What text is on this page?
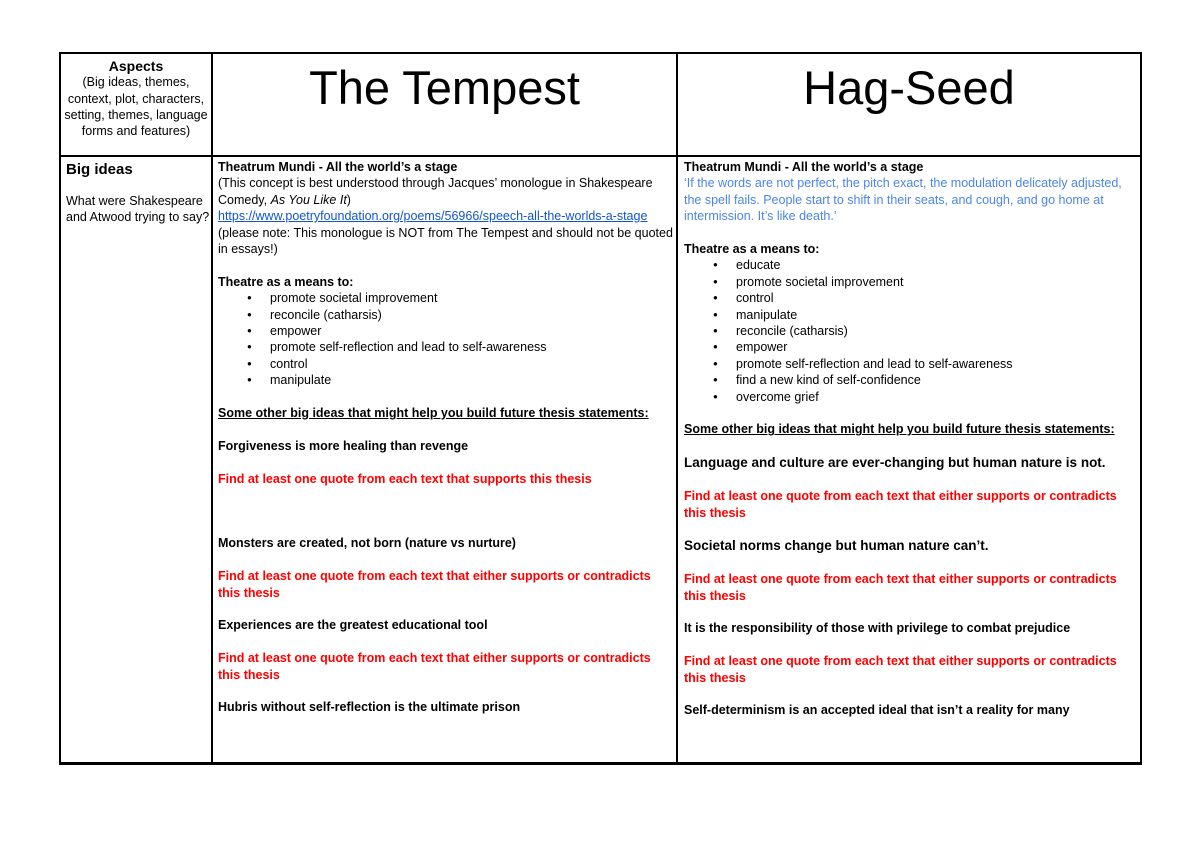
Aspects
(Big ideas, themes, context, plot, characters, setting, themes, language forms and features)
The Tempest	Hag-Seed
Big ideas
What were Shakespeare and Atwood trying to say?

Theatrum Mundi - All the world’s a stage

(This concept is best understood through Jacques’ monologue in Shakespeare Comedy, As You Like It)

https://www.poetryfoundation.org/poems/56966/speech-all-the-worlds-a-stage

(please note: This monologue is NOT from The Tempest and should not be quoted in essays!)

Theatre as a means to:

● promote societal improvement
● reconcile (catharsis)
● empower
● promote self-reflection and lead to self-awareness
● control
● manipulate

Some other big ideas that might help you build future thesis statements:

Forgiveness is more healing than revenge

Find at least one quote from each text that supports this thesis

Monsters are created, not born (nature vs nurture)

Find at least one quote from each text that either supports or contradicts this thesis

Experiences are the greatest educational tool

Find at least one quote from each text that either supports or contradicts this thesis

Hubris without self-reflection is the ultimate prison

Theatrum Mundi - All the world’s a stage

‘If the words are not perfect, the pitch exact, the modulation delicately adjusted, the spell fails. People start to shift in their seats, and cough, and go home at intermission. It’s like death.’

Theatre as a means to:

● educate
● promote societal improvement
● control
● manipulate
● reconcile (catharsis)
● empower
● promote self-reflection and lead to self-awareness
● find a new kind of self-confidence
● overcome grief

Some other big ideas that might help you build future thesis statements:

Language and culture are ever-changing but human nature is not.

Find at least one quote from each text that either supports or contradicts this thesis

Societal norms change but human nature can’t.

Find at least one quote from each text that either supports or contradicts this thesis

It is the responsibility of those with privilege to combat prejudice

Find at least one quote from each text that either supports or contradicts this thesis

Self-determinism is an accepted ideal that isn’t a reality for many
